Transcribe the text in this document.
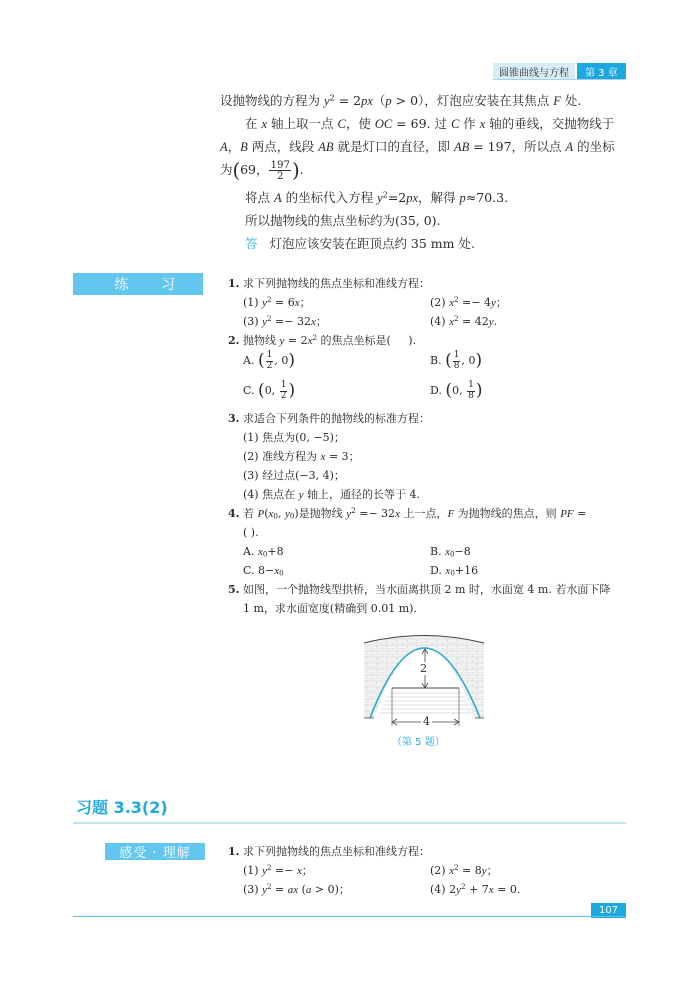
圆锥曲线与方程	第 3 章
设抛物线的方程为 $y^2 = 2px(p > 0)$，灯泡应安装在其焦点 F 处.
在 x 轴上取一点 C，使 OC = 69. 过 C 作 x 轴的垂线，交抛物线于
A，B 两点，线段 AB 就是灯口的直径，即 AB = 197，所以点 A 的坐标
为(69， $\frac{197}{2}$ ).
将点 A 的坐标代入方程 $y^2=2px$，解得 p≈70.3.
所以抛物线的焦点坐标约为(35, 0).
答 灯泡应该安装在距顶点约 35 mm 处.
练 习	1. 求下列抛物线的焦点坐标和准线方程：
(1) $y^2 = 6x$；	(2) $x^2 =- 4y$；
(3) $y^2 =- 32x$；	(4) $x^2 = 42y$.
2. 抛物线 $y = 2x^2$ 的焦点坐标是(     ).
A. ( $\frac{1}{2}$ , 0)	B. ( $\frac{1}{8}$ , 0)
C. (0, $\frac{1}{2}$ )	D. (0, $\frac{1}{8}$ )
3. 求适合下列条件的抛物线的标准方程：
(1) 焦点为(0, −5)；
(2) 准线方程为 x = 3；
(3) 经过点(−3, 4)；
(4) 焦点在 y 轴上，通径的长等于 4.
4. 若 $P(x_0$, $y_0$)是抛物线 $y^2 =- 32x$ 上一点，F 为抛物线的焦点，则 PF =
( ).
A. $x_0+8$	B. $x_0-8$
C. $8-x_0$	D. $x_0+16$
5. 如图，一个抛物线型拱桥，当水面离拱顶 2 m 时，水面宽 4 m. 若水面下降
1 m，求水面宽度(精确到 0.01 m).
2
4
（第 5 题）
习题 3.3(2)
感受 · 理解	1. 求下列抛物线的焦点坐标和准线方程：
(1) $y^2 =- x$；	(2) $x^2 = 8y$；
(3) $y^2$ = ax (a > 0)；	(4) $2y^2 + 7x = 0$.
107
